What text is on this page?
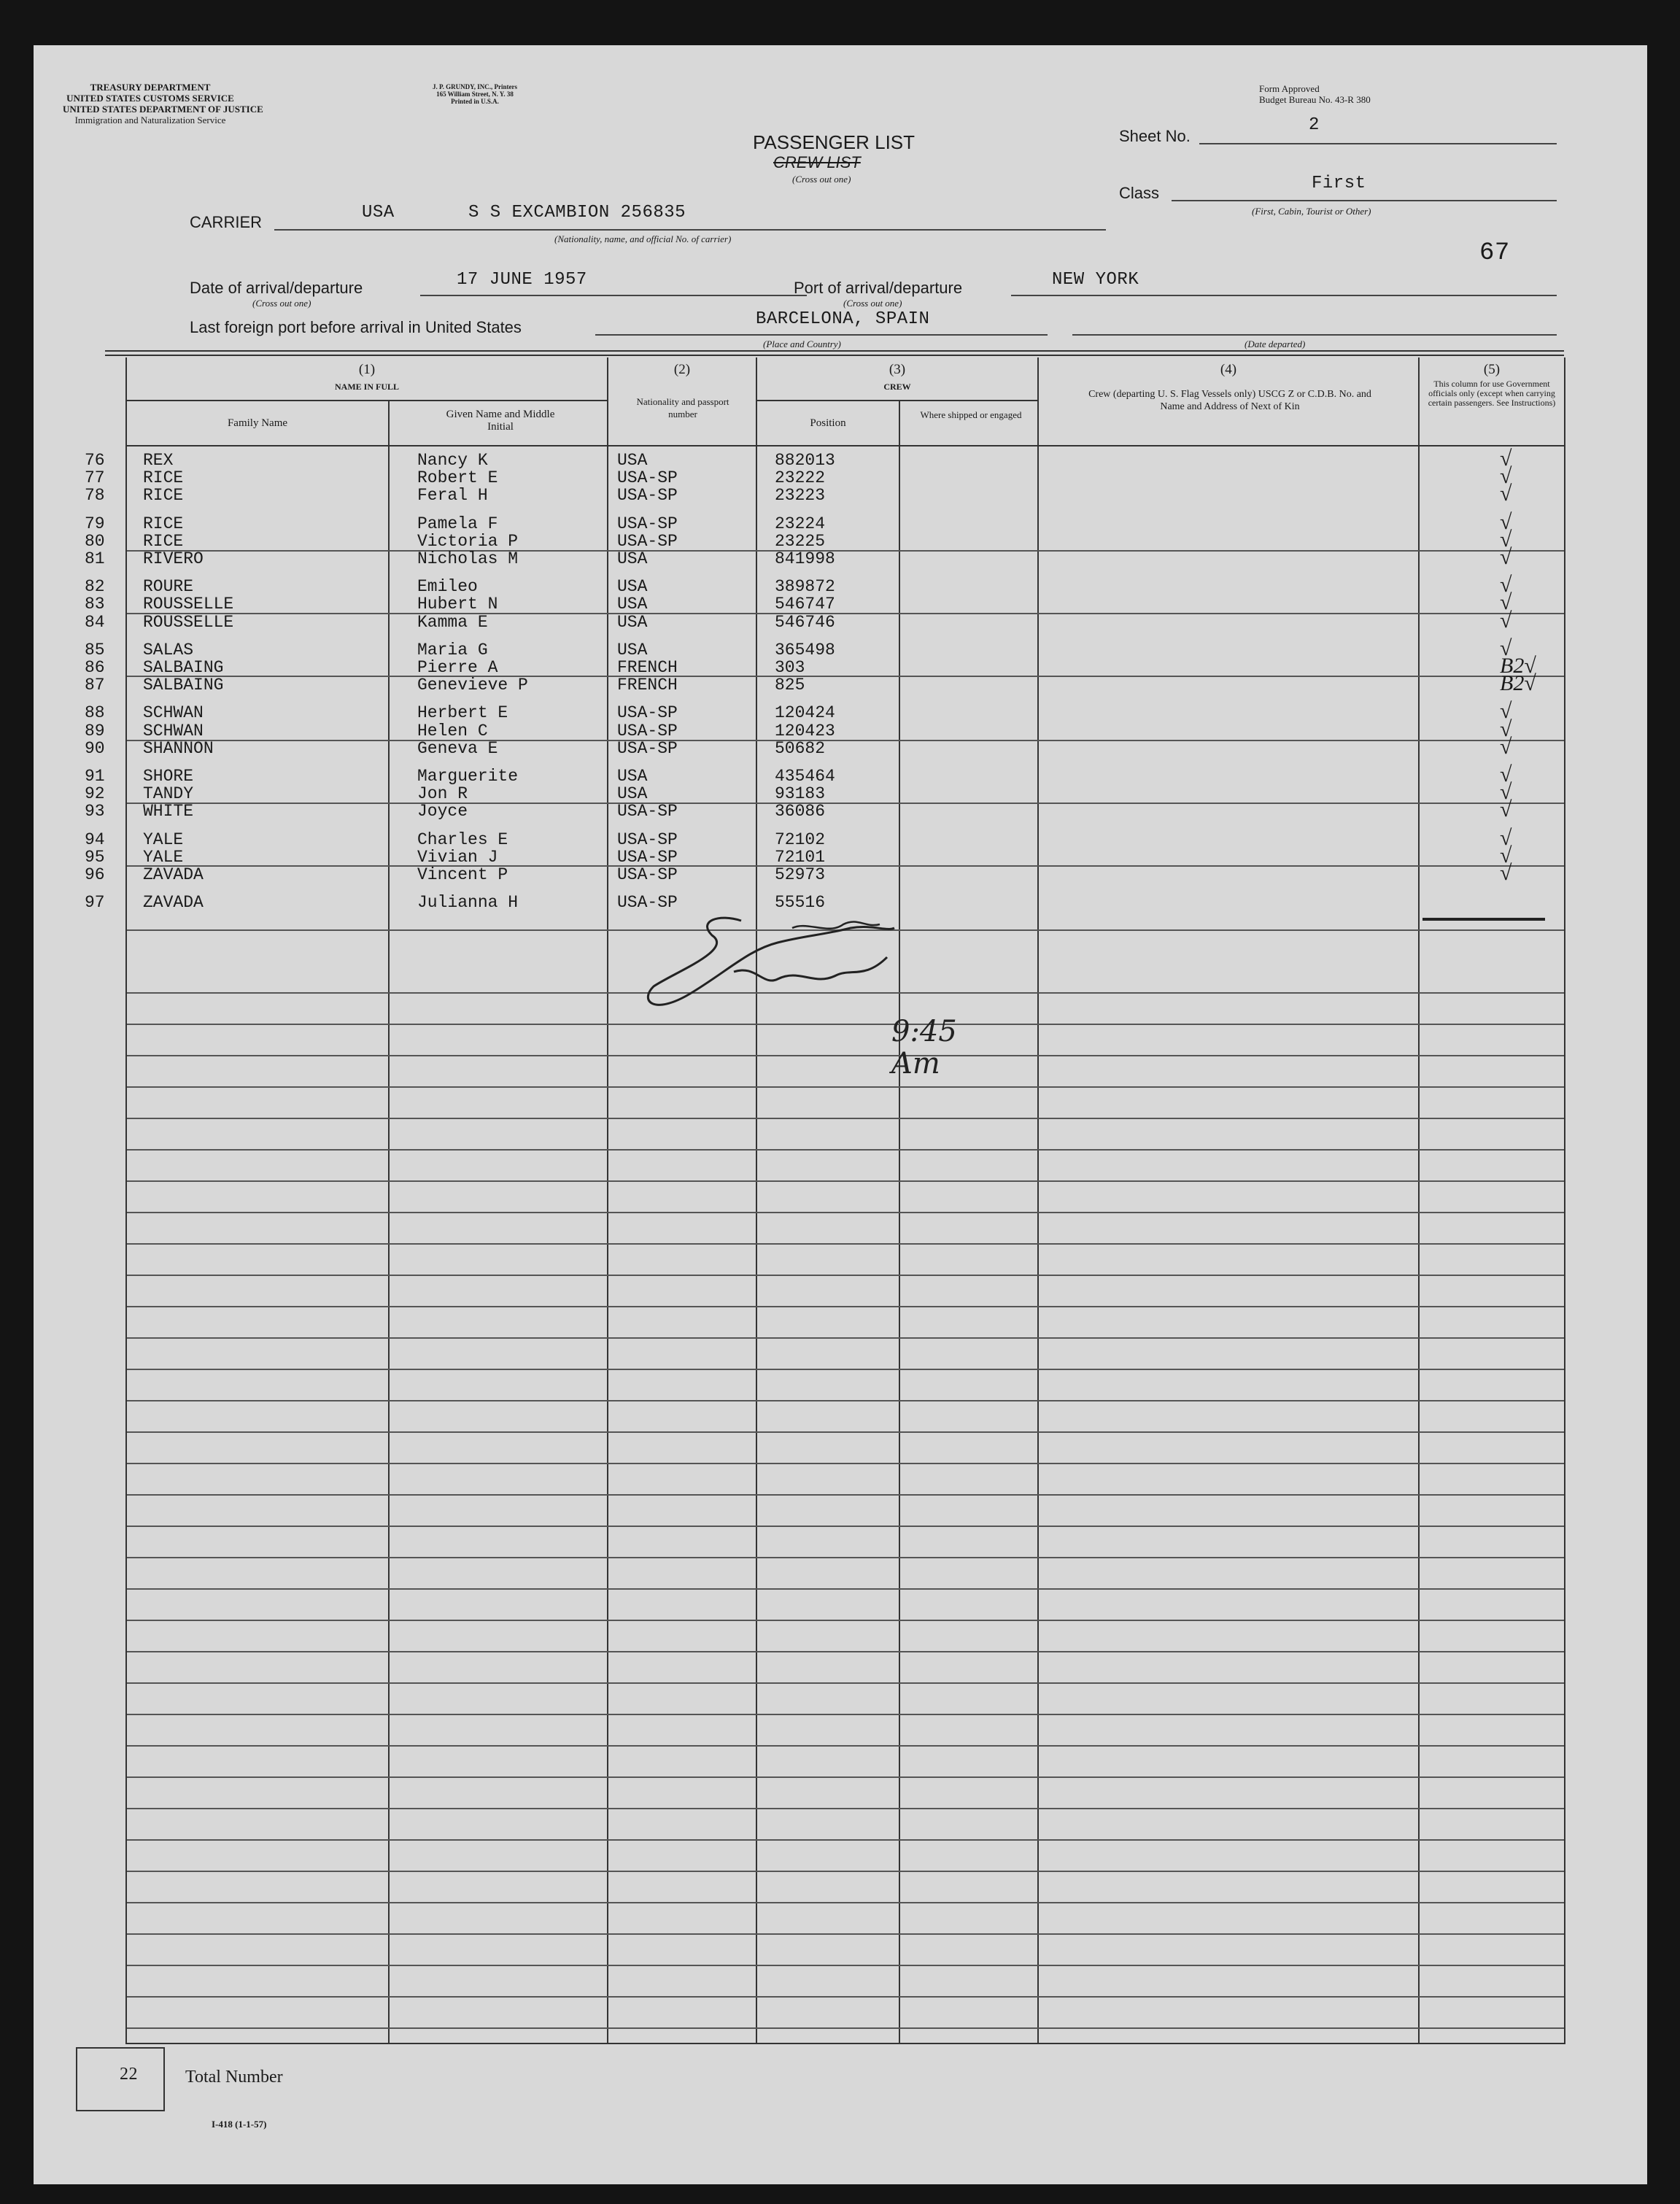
TREASURY DEPARTMENT
UNITED STATES CUSTOMS SERVICE
UNITED STATES DEPARTMENT OF JUSTICE
Immigration and Naturalization Service
J. P. GRUNDY, INC., Printers
165 William Street, N. Y. 38
Printed in U.S.A.
Form Approved
Budget Bureau No. 43-R 380
PASSENGER LIST
CREW LIST
(Cross out one)
Sheet No.
2
Class	First
(First, Cabin, Tourist or Other)
67
CARRIER	USA	S S EXCAMBION 256835
(Nationality, name, and official No. of carrier)
Date of arrival/departure	17 JUNE 1957
(Cross out one)
Port of arrival/departure	NEW YORK
(Cross out one)
Last foreign port before arrival in United States	BARCELONA, SPAIN
(Place and Country)	(Date departed)
(1)
NAME IN FULL
Family Name
Given Name and Middle Initial
(2)
Nationality and passport number
(3)
CREW
Position
Where shipped or engaged
(4)
Crew (departing U. S. Flag Vessels only) USCG Z or C.D.B. No. and Name and Address of Next of Kin
(5)
This column for use Government officials only (except when carrying certain passengers. See Instructions)
76	REX	Nancy K	USA	882013	√
77	RICE	Robert E	USA-SP	23222	√
78	RICE	Feral H	USA-SP	23223	√
79	RICE	Pamela F	USA-SP	23224	√
80	RICE	Victoria P	USA-SP	23225	√
81	RIVERO	Nicholas M	USA	841998	√
82	ROURE	Emileo	USA	389872	√
83	ROUSSELLE	Hubert N	USA	546747	√
84	ROUSSELLE	Kamma E	USA	546746	√
85	SALAS	Maria G	USA	365498	√
86	SALBAING	Pierre A	FRENCH	303	B2√
87	SALBAING	Genevieve P	FRENCH	825	B2√
88	SCHWAN	Herbert E	USA-SP	120424	√
89	SCHWAN	Helen C	USA-SP	120423	√
90	SHANNON	Geneva E	USA-SP	50682	√
91	SHORE	Marguerite	USA	435464	√
92	TANDY	Jon R	USA	93183	√
93	WHITE	Joyce	USA-SP	36086	√
94	YALE	Charles E	USA-SP	72102	√
95	YALE	Vivian J	USA-SP	72101	√
96	ZAVADA	Vincent P	USA-SP	52973	√
97	ZAVADA	Julianna H	USA-SP	55516
9:45 Am
22	Total Number
I-418 (1-1-57)
